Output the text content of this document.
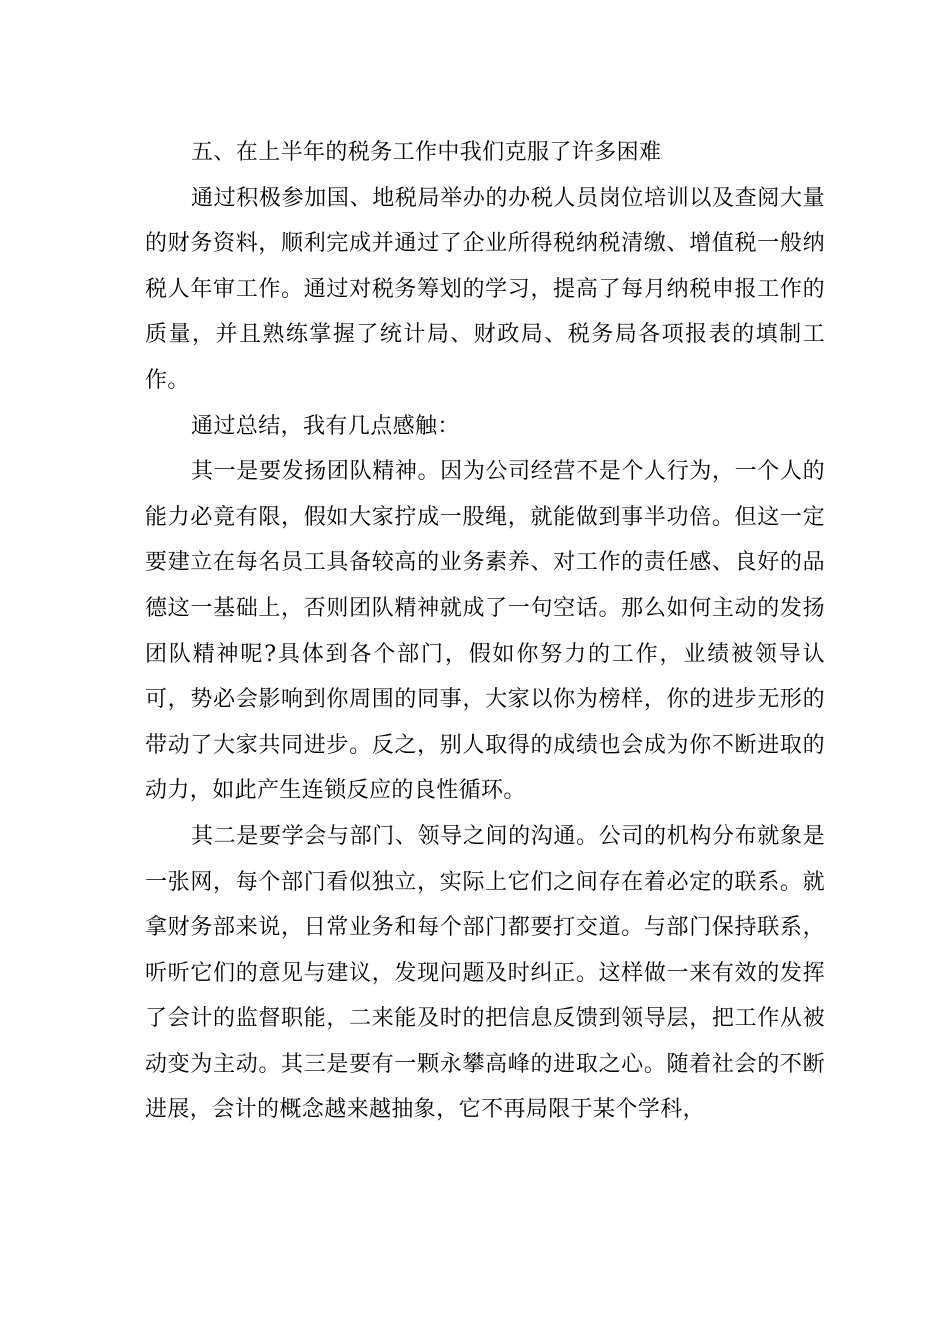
五、在上半年的税务工作中我们克服了许多困难

通过积极参加国、地税局举办的办税人员岗位培训以及查阅大量的财务资料，顺利完成并通过了企业所得税纳税清缴、增值税一般纳税人年审工作。通过对税务筹划的学习，提高了每月纳税申报工作的质量，并且熟练掌握了统计局、财政局、税务局各项报表的填制工作。

通过总结，我有几点感触：

其一是要发扬团队精神。因为公司经营不是个人行为，一个人的能力必竟有限，假如大家拧成一股绳，就能做到事半功倍。但这一定要建立在每名员工具备较高的业务素养、对工作的责任感、良好的品德这一基础上，否则团队精神就成了一句空话。那么如何主动的发扬团队精神呢?具体到各个部门，假如你努力的工作，业绩被领导认可，势必会影响到你周围的同事，大家以你为榜样，你的进步无形的带动了大家共同进步。反之，别人取得的成绩也会成为你不断进取的动力，如此产生连锁反应的良性循环。

其二是要学会与部门、领导之间的沟通。公司的机构分布就象是一张网，每个部门看似独立，实际上它们之间存在着必定的联系。就拿财务部来说，日常业务和每个部门都要打交道。与部门保持联系，听听它们的意见与建议，发现问题及时纠正。这样做一来有效的发挥了会计的监督职能，二来能及时的把信息反馈到领导层，把工作从被动变为主动。其三是要有一颗永攀高峰的进取之心。随着社会的不断进展，会计的概念越来越抽象，它不再局限于某个学科，
